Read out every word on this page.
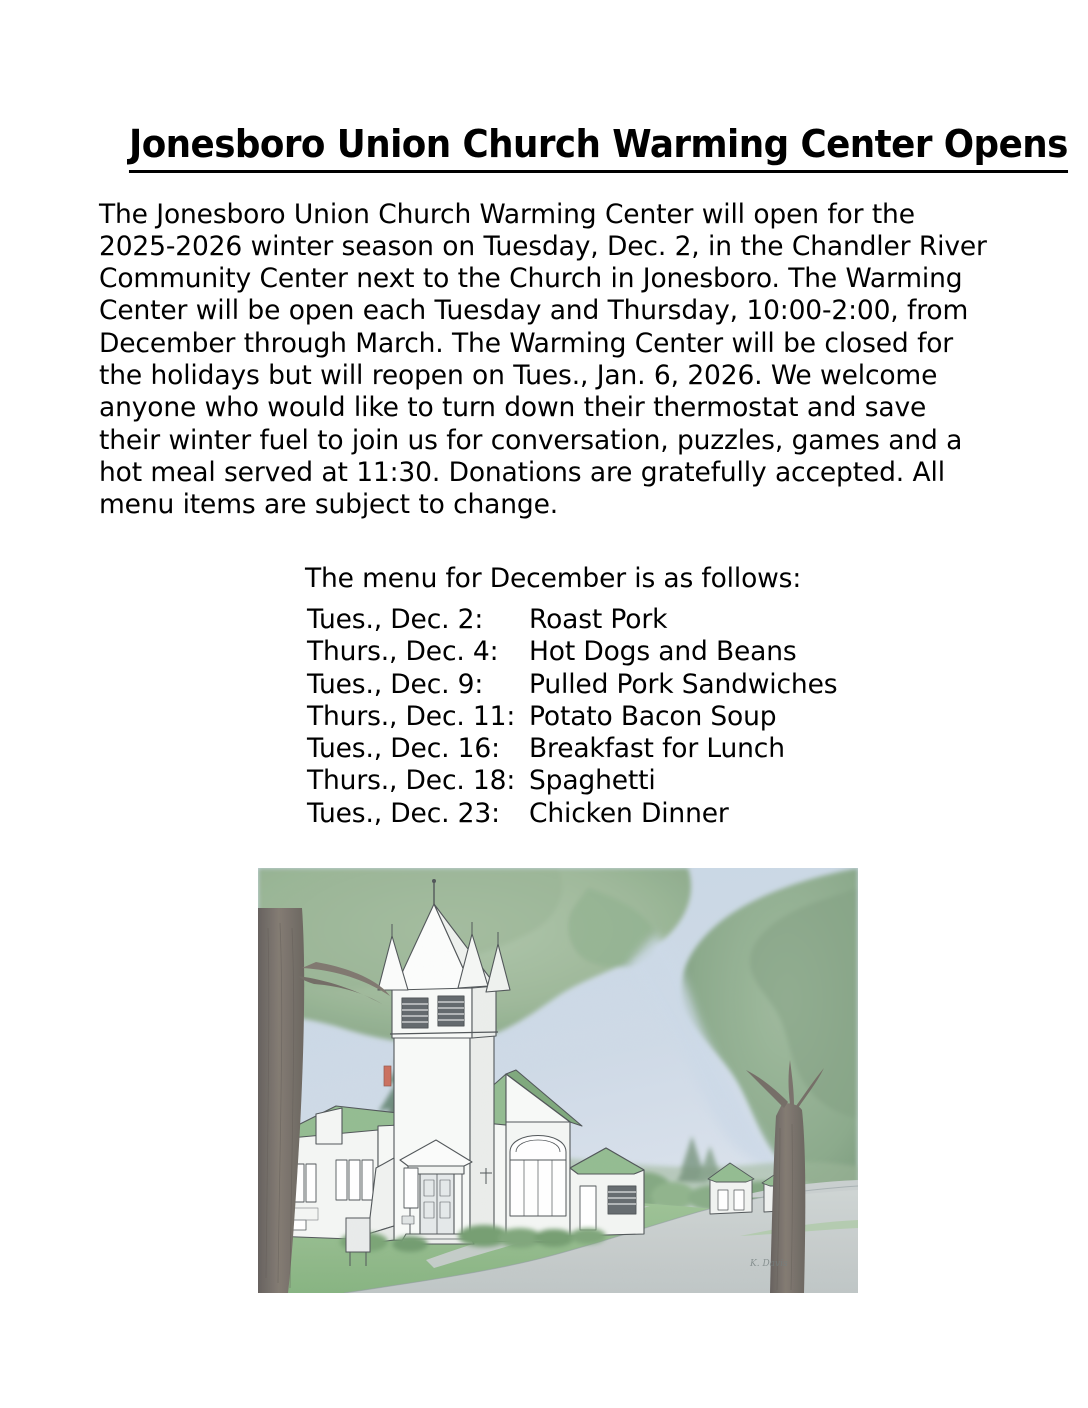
Jonesboro Union Church Warming Center Opens

The Jonesboro Union Church Warming Center will open for the 2025-2026 winter season on Tuesday, Dec. 2, in the Chandler River Community Center next to the Church in Jonesboro. The Warming Center will be open each Tuesday and Thursday, 10:00-2:00, from December through March. The Warming Center will be closed for the holidays but will reopen on Tues., Jan. 6, 2026. We welcome anyone who would like to turn down their thermostat and save their winter fuel to join us for conversation, puzzles, games and a hot meal served at 11:30. Donations are gratefully accepted. All menu items are subject to change.

The menu for December is as follows:

Tues., Dec. 2:	Roast Pork
Thurs., Dec. 4:	Hot Dogs and Beans
Tues., Dec. 9:	Pulled Pork Sandwiches
Thurs., Dec. 11: Potato Bacon Soup
Tues., Dec. 16:	Breakfast for Lunch
Thurs., Dec. 18: Spaghetti
Tues., Dec. 23:	Chicken Dinner
K. Davis
